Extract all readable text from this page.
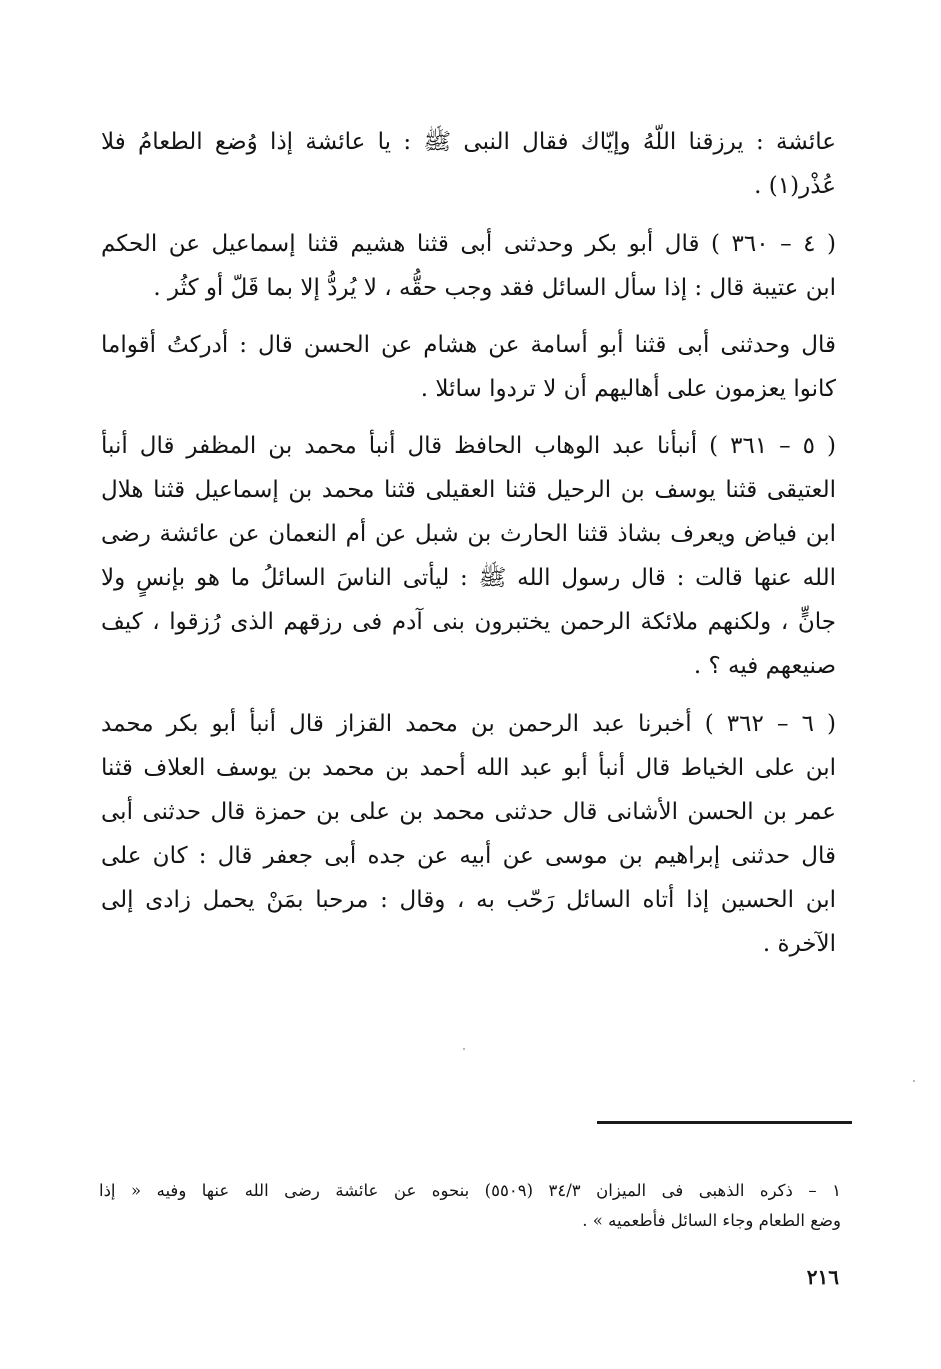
عائشة : يرزقنا اللّهُ وإيّاك فقال النبى ﷺ : يا عائشة إذا وُضع الطعامُ فلا
عُذْر(١) .
( ٤ – ٣٦٠ ) قال أبو بكر وحدثنى أبى قثنا هشيم قثنا إسماعيل عن الحكم
ابن عتيبة قال : إذا سأل السائل فقد وجب حقُّه ، لا يُردُّ إلا بما قَلّ أو كثُر .
قال وحدثنى أبى قثنا أبو أسامة عن هشام عن الحسن قال : أدركتُ أقواما
كانوا يعزمون على أهاليهم أن لا تردوا سائلا .
( ٥ – ٣٦١ ) أنبأنا عبد الوهاب الحافظ قال أنبأ محمد بن المظفر قال أنبأ
العتيقى قثنا يوسف بن الرحيل قثنا العقيلى قثنا محمد بن إسماعيل قثنا هلال
ابن فياض ويعرف بشاذ قثنا الحارث بن شبل عن أم النعمان عن عائشة رضى
الله عنها قالت : قال رسول الله ﷺ : ليأتى الناسَ السائلُ ما هو بإنسٍ ولا
جانٍّ ، ولكنهم ملائكة الرحمن يختبرون بنى آدم فى رزقهم الذى رُزقوا ، كيف
صنيعهم فيه ؟ .
( ٦ – ٣٦٢ ) أخبرنا عبد الرحمن بن محمد القزاز قال أنبأ أبو بكر محمد
ابن على الخياط قال أنبأ أبو عبد الله أحمد بن محمد بن يوسف العلاف قثنا
عمر بن الحسن الأشانى قال حدثنى محمد بن على بن حمزة قال حدثنى أبى
قال حدثنى إبراهيم بن موسى عن أبيه عن جده أبى جعفر قال : كان على
ابن الحسين إذا أتاه السائل رَحّب به ، وقال : مرحبا بمَنْ يحمل زادى إلى
الآخرة .
١ – ذكره الذهبى فى الميزان ٣٤/٣ (٥٥٠٩) بنحوه عن عائشة رضى الله عنها وفيه « إذا
وضع الطعام وجاء السائل فأطعميه » .
٢١٦
